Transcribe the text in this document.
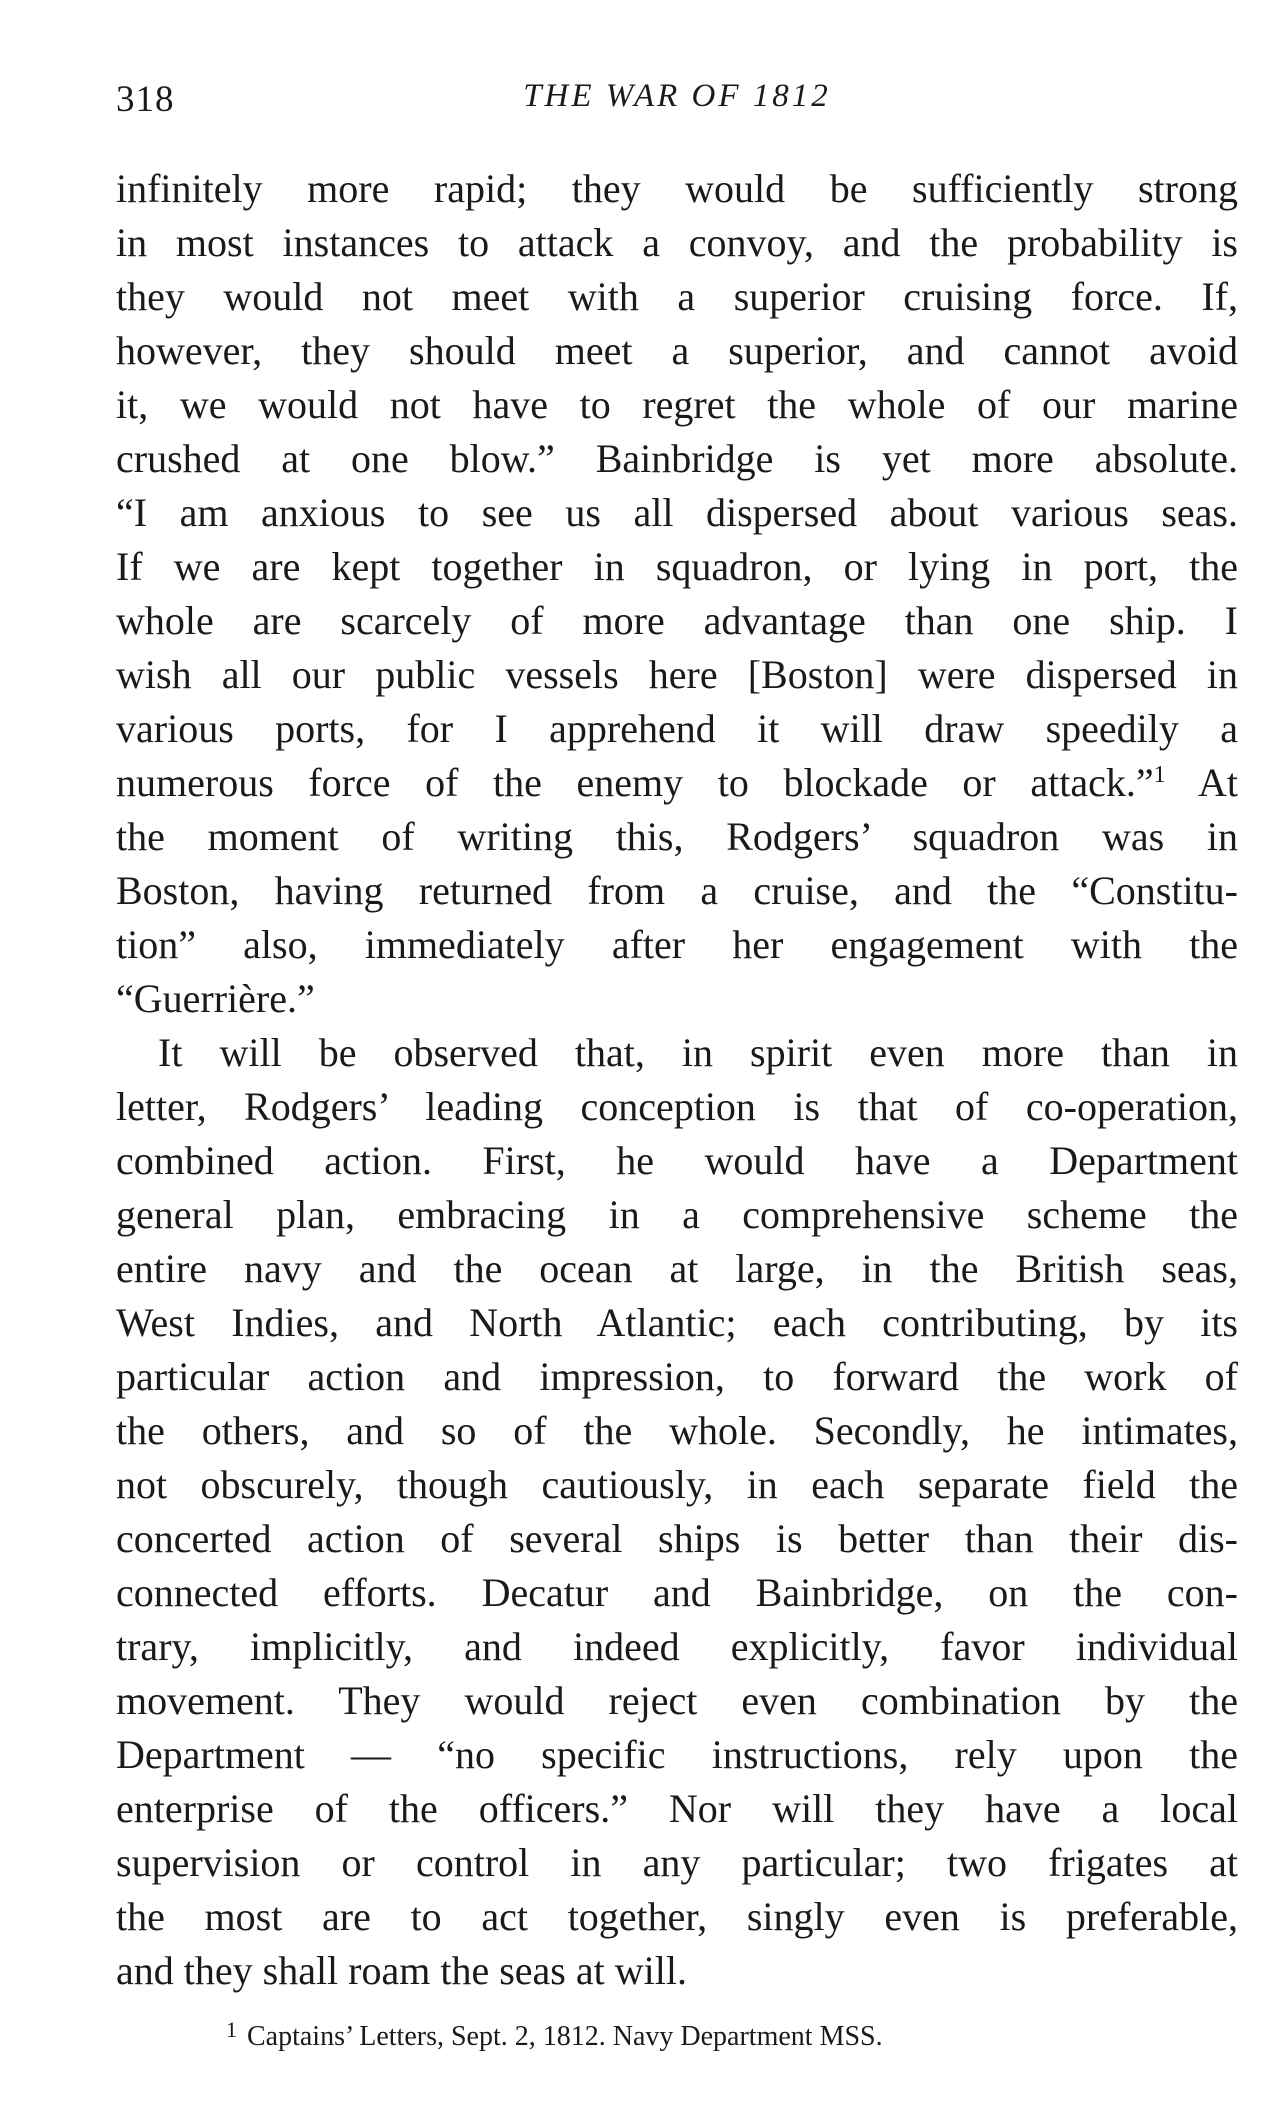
318	THE WAR OF 1812
infinitely more rapid; they would be sufficiently strong
in most instances to attack a convoy, and the probability is
they would not meet with a superior cruising force. If,
however, they should meet a superior, and cannot avoid
it, we would not have to regret the whole of our marine
crushed at one blow.” Bainbridge is yet more absolute.
“I am anxious to see us all dispersed about various seas.
If we are kept together in squadron, or lying in port, the
whole are scarcely of more advantage than one ship. I
wish all our public vessels here [Boston] were dispersed in
various ports, for I apprehend it will draw speedily a
numerous force of the enemy to blockade or attack.”$^1$ At
the moment of writing this, Rodgers’ squadron was in
Boston, having returned from a cruise, and the “Constitu-
tion” also, immediately after her engagement with the
“Guerrière.”
It will be observed that, in spirit even more than in
letter, Rodgers’ leading conception is that of co-operation,
combined action. First, he would have a Department
general plan, embracing in a comprehensive scheme the
entire navy and the ocean at large, in the British seas,
West Indies, and North Atlantic; each contributing, by its
particular action and impression, to forward the work of
the others, and so of the whole. Secondly, he intimates,
not obscurely, though cautiously, in each separate field the
concerted action of several ships is better than their dis-
connected efforts. Decatur and Bainbridge, on the con-
trary, implicitly, and indeed explicitly, favor individual
movement. They would reject even combination by the
Department — “no specific instructions, rely upon the
enterprise of the officers.” Nor will they have a local
supervision or control in any particular; two frigates at
the most are to act together, singly even is preferable,
and they shall roam the seas at will.
$^1$ Captains’ Letters, Sept. 2, 1812. Navy Department MSS.
